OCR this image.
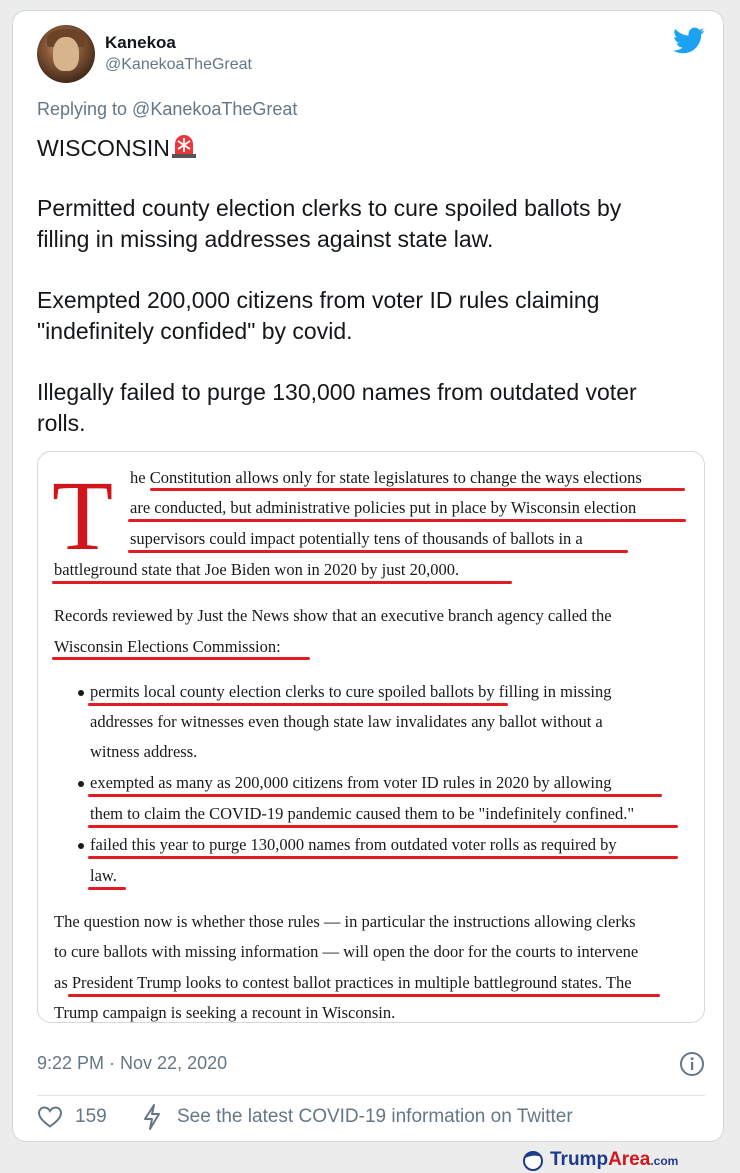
Kanekoa
@KanekoaTheGreat
Replying to @KanekoaTheGreat
WISCONSIN
Permitted county election clerks to cure spoiled ballots by
filling in missing addresses against state law.
Exempted 200,000 citizens from voter ID rules claiming
"indefinitely confided" by covid.
Illegally failed to purge 130,000 names from outdated voter
rolls.
T he Constitution allows only for state legislatures to change the ways elections
are conducted, but administrative policies put in place by Wisconsin election
supervisors could impact potentially tens of thousands of ballots in a
battleground state that Joe Biden won in 2020 by just 20,000.
Records reviewed by Just the News show that an executive branch agency called the
Wisconsin Elections Commission:
permits local county election clerks to cure spoiled ballots by filling in missing
addresses for witnesses even though state law invalidates any ballot without a
witness address.
exempted as many as 200,000 citizens from voter ID rules in 2020 by allowing
them to claim the COVID-19 pandemic caused them to be "indefinitely confined."
failed this year to purge 130,000 names from outdated voter rolls as required by
law.
The question now is whether those rules — in particular the instructions allowing clerks
to cure ballots with missing information — will open the door for the courts to intervene
as President Trump looks to contest ballot practices in multiple battleground states. The
Trump campaign is seeking a recount in Wisconsin.
9:22 PM · Nov 22, 2020
159	See the latest COVID-19 information on Twitter
TrumpArea.com
